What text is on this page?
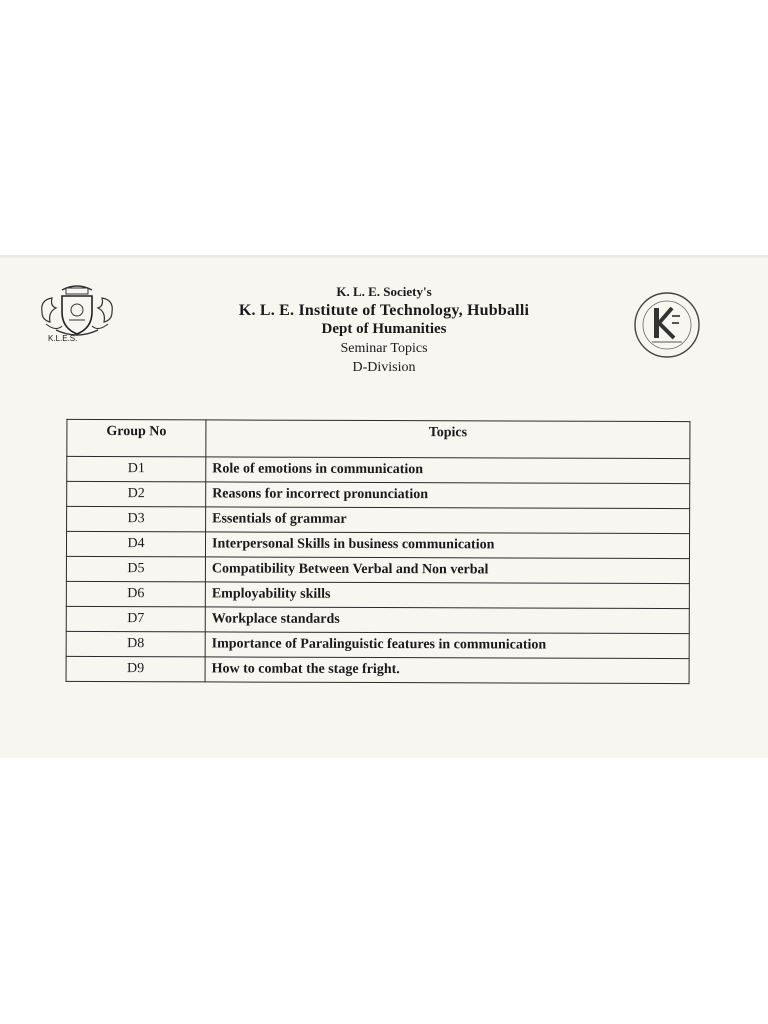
K.L.E.S.
K. L. E. Society's
K. L. E. Institute of Technology, Hubballi
Dept of Humanities
Seminar Topics
D-Division
Group No	Topics
D1	Role of emotions in communication
D2	Reasons for incorrect pronunciation
D3	Essentials of grammar
D4	Interpersonal Skills in business communication
D5	Compatibility Between Verbal and Non verbal
D6	Employability skills
D7	Workplace standards
D8	Importance of Paralinguistic features in communication
D9	How to combat the stage fright.
